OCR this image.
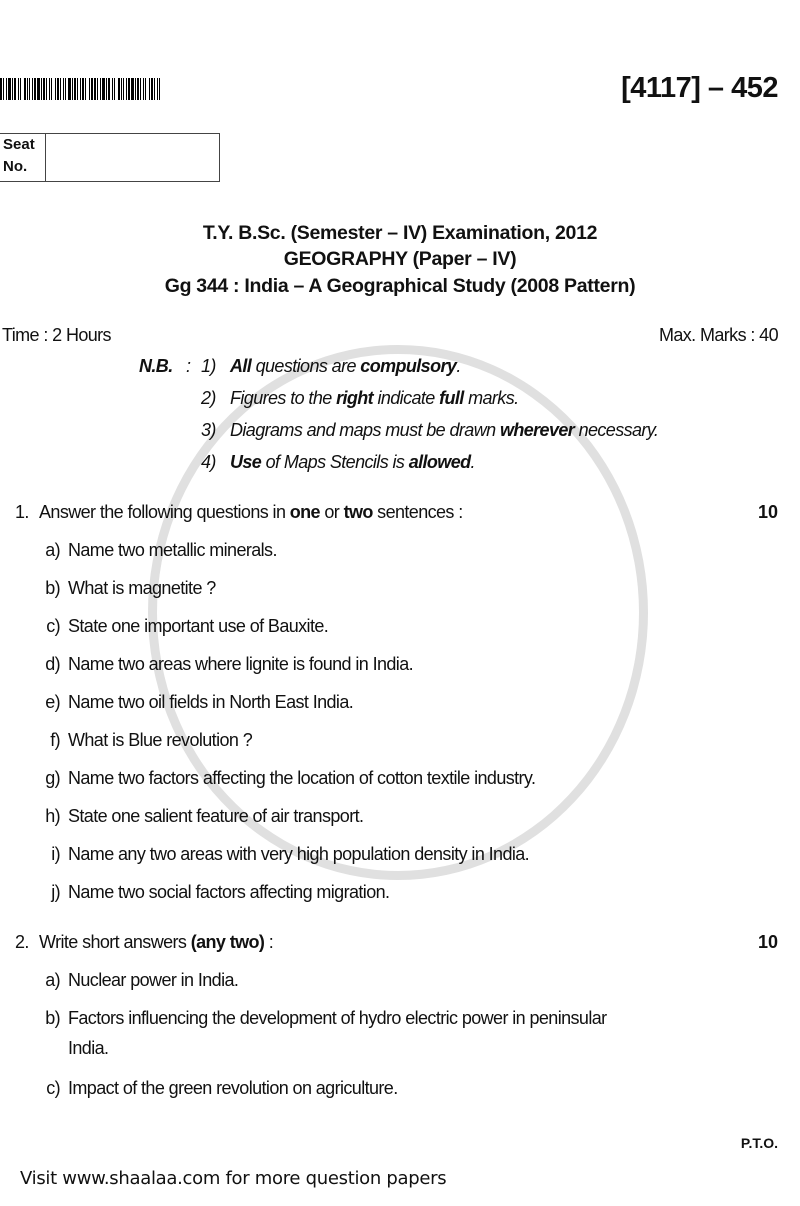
[4117] – 452
Seat
No.
T.Y. B.Sc. (Semester – IV) Examination, 2012
GEOGRAPHY (Paper – IV)
Gg 344 : India – A Geographical Study (2008 Pattern)
Time : 2 Hours	Max. Marks : 40
N.B. : 1) All questions are compulsory.
2) Figures to the right indicate full marks.
3) Diagrams and maps must be drawn wherever necessary.
4) Use of Maps Stencils is allowed.
1. Answer the following questions in one or two sentences :	10
a) Name two metallic minerals.
b) What is magnetite ?
c) State one important use of Bauxite.
d) Name two areas where lignite is found in India.
e) Name two oil fields in North East India.
f) What is Blue revolution ?
g) Name two factors affecting the location of cotton textile industry.
h) State one salient feature of air transport.
i) Name any two areas with very high population density in India.
j) Name two social factors affecting migration.
2. Write short answers (any two) :	10
a) Nuclear power in India.
b) Factors influencing the development of hydro electric power in peninsular
India.
c) Impact of the green revolution on agriculture.
P.T.O.
Visit www.shaalaa.com for more question papers
